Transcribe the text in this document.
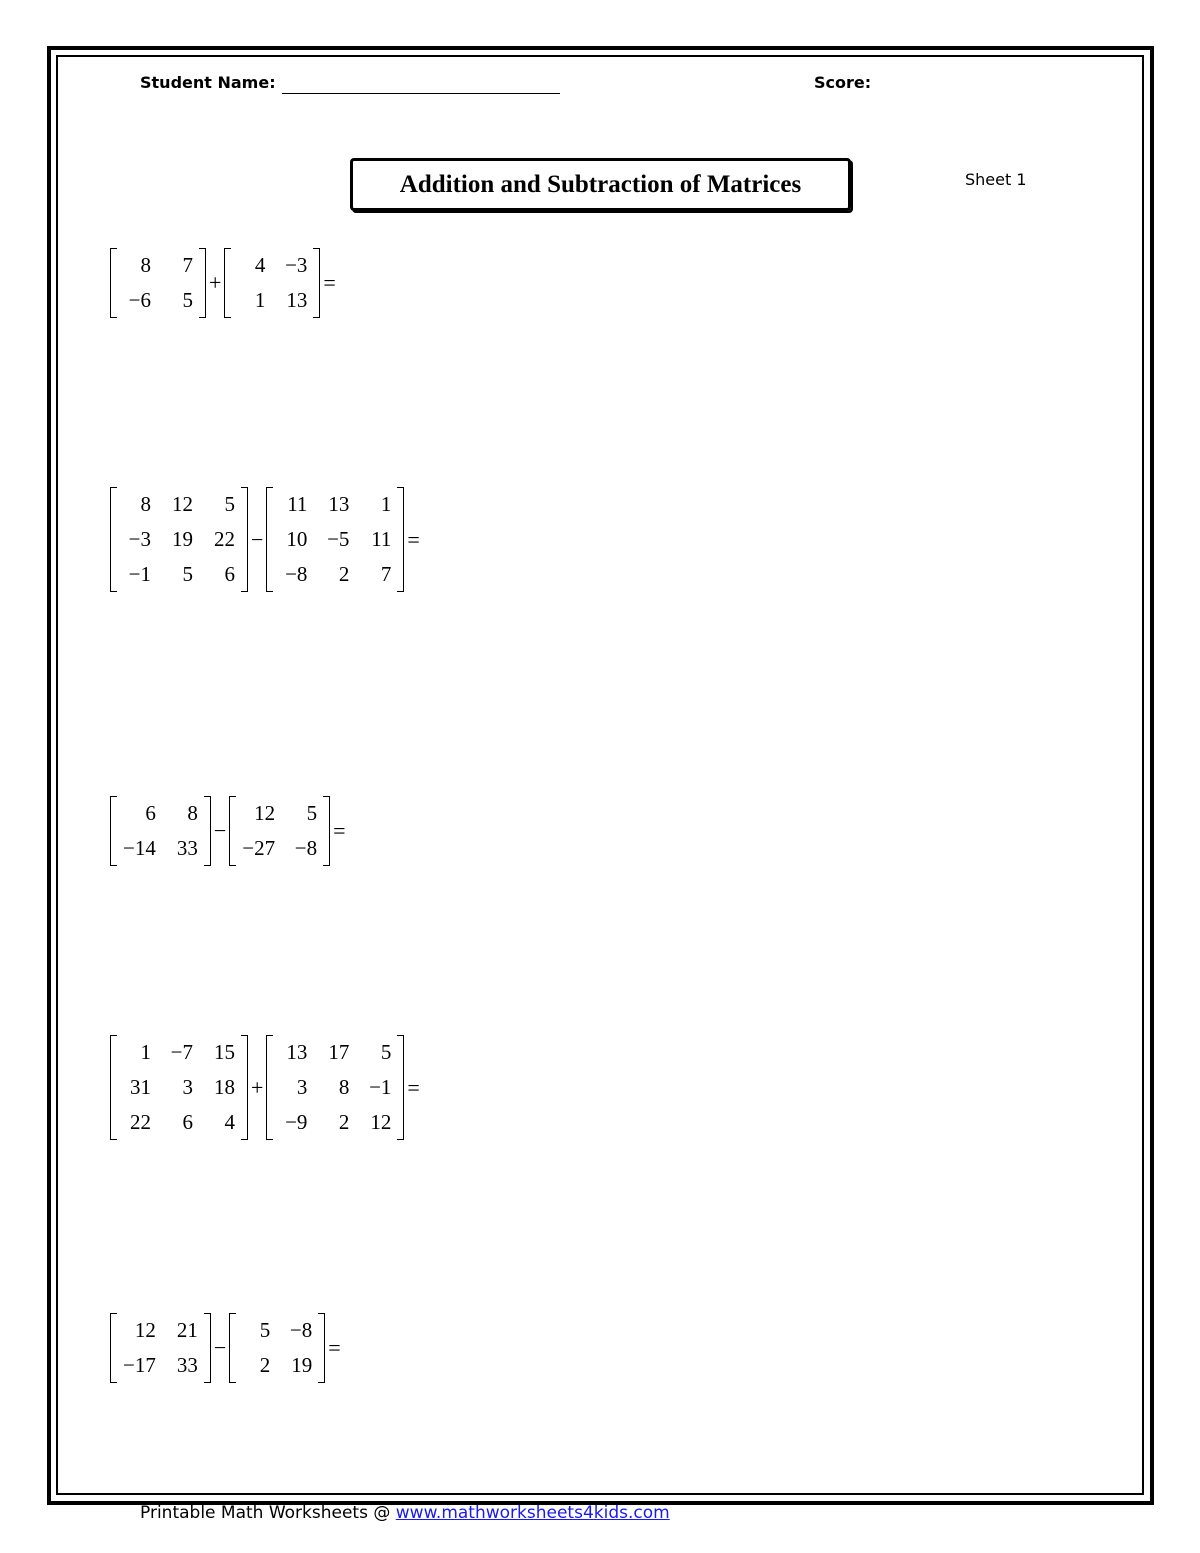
Student Name:	Score:
Addition and Subtraction of Matrices	Sheet 1
8	7
−6	5
+
4	−3
1	13
=
8	12	5
−3	19	22
−1	5	6
−
11	13	1
10	−5	11
−8	2	7
=
6	8
−14	33
−
12	5
−27	−8
=
1	−7	15
31	3	18
22	6	4
+
13	17	5
3	8	−1
−9	2	12
=
12	21
−17	33
−
5	−8
2	19
=
Printable Math Worksheets @ www.mathworksheets4kids.com
